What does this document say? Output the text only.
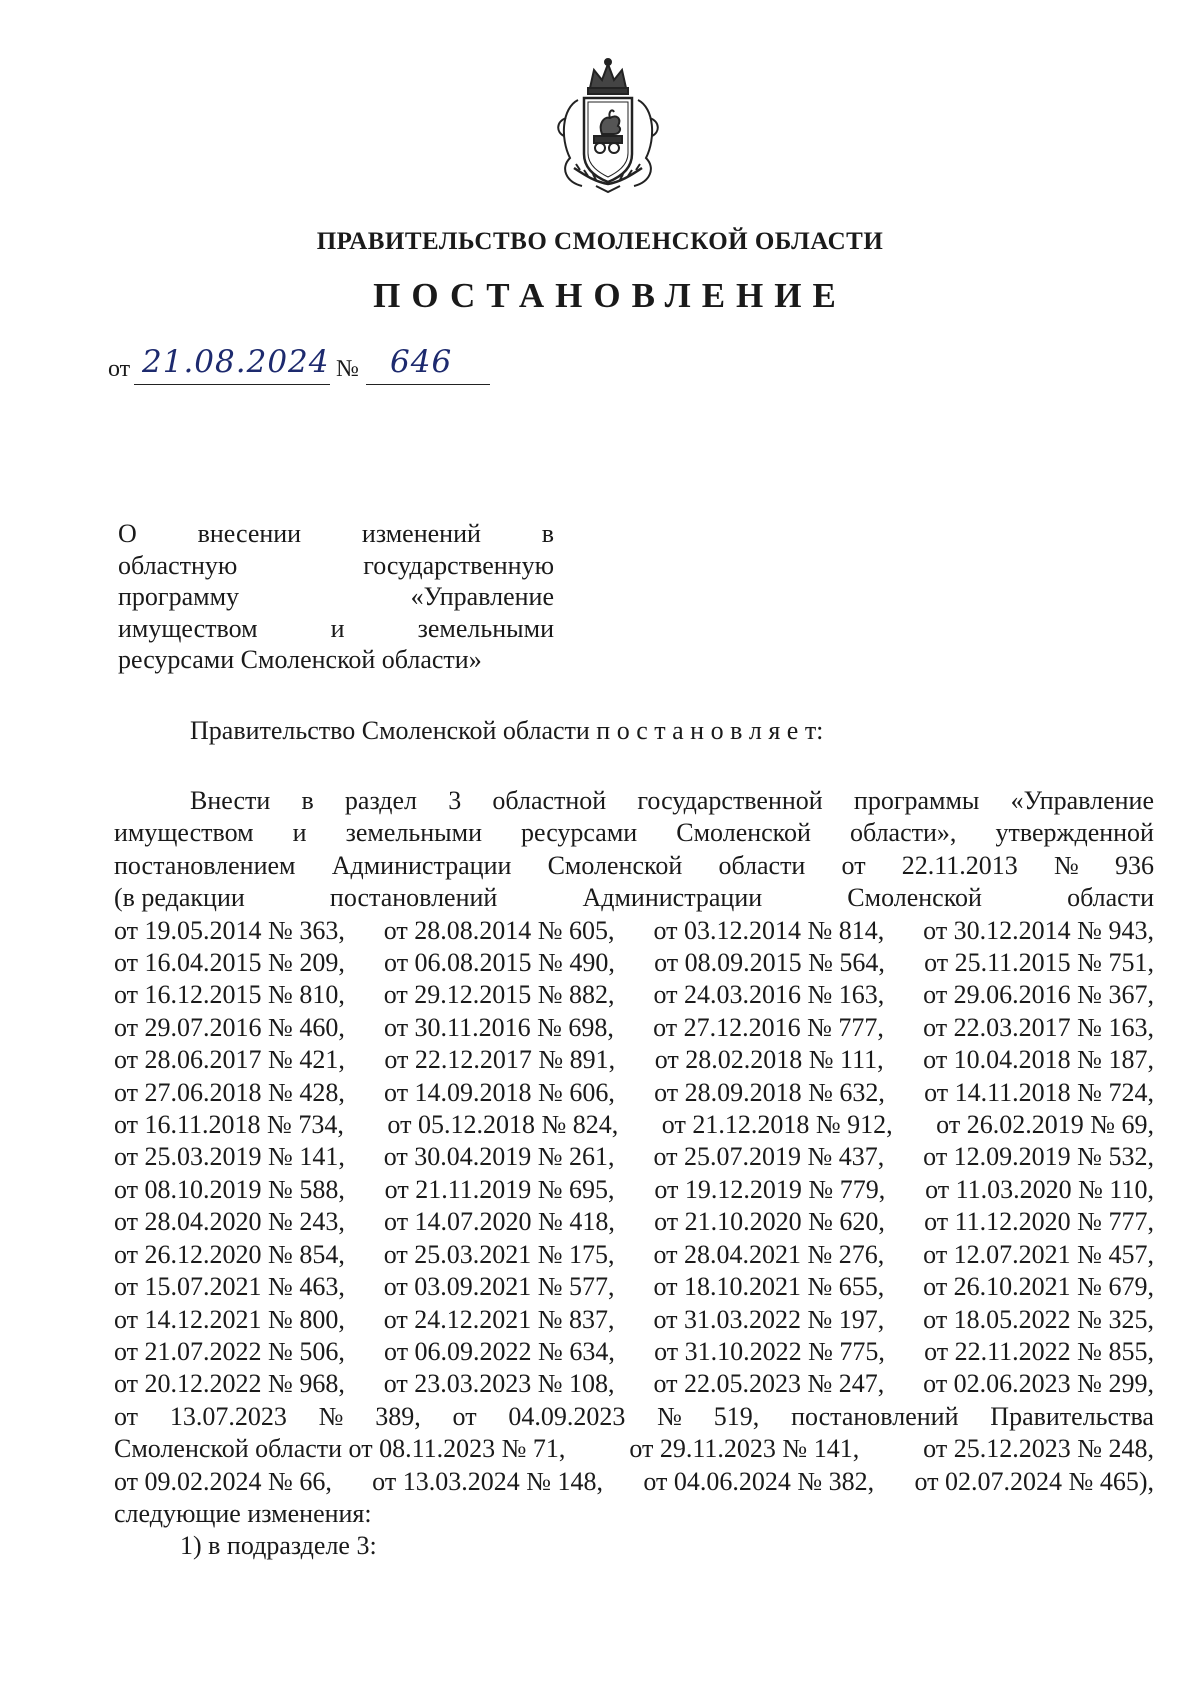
ПРАВИТЕЛЬСТВО СМОЛЕНСКОЙ ОБЛАСТИ
ПОСТАНОВЛЕНИЕ
от 21.08.2024 № 646
О внесении изменений в
областную	государственную
программу	«Управление
имуществом	и	земельными
ресурсами Смоленской области»
Правительство Смоленской области п о с т а н о в л я е т:
Внести в раздел 3 областной государственной программы «Управление
имуществом и земельными ресурсами Смоленской области», утвержденной
постановлением Администрации Смоленской области от 22.11.2013 № 936
(в редакции	постановлений	Администрации	Смоленской	области
от 19.05.2014 № 363, от 28.08.2014 № 605, от 03.12.2014 № 814, от 30.12.2014 № 943,
от 16.04.2015 № 209, от 06.08.2015 № 490, от 08.09.2015 № 564, от 25.11.2015 № 751,
от 16.12.2015 № 810, от 29.12.2015 № 882, от 24.03.2016 № 163, от 29.06.2016 № 367,
от 29.07.2016 № 460, от 30.11.2016 № 698, от 27.12.2016 № 777, от 22.03.2017 № 163,
от 28.06.2017 № 421, от 22.12.2017 № 891, от 28.02.2018 № 111, от 10.04.2018 № 187,
от 27.06.2018 № 428, от 14.09.2018 № 606, от 28.09.2018 № 632, от 14.11.2018 № 724,
от 16.11.2018 № 734, от 05.12.2018 № 824, от 21.12.2018 № 912, от 26.02.2019 № 69,
от 25.03.2019 № 141, от 30.04.2019 № 261, от 25.07.2019 № 437, от 12.09.2019 № 532,
от 08.10.2019 № 588, от 21.11.2019 № 695, от 19.12.2019 № 779, от 11.03.2020 № 110,
от 28.04.2020 № 243, от 14.07.2020 № 418, от 21.10.2020 № 620, от 11.12.2020 № 777,
от 26.12.2020 № 854, от 25.03.2021 № 175, от 28.04.2021 № 276, от 12.07.2021 № 457,
от 15.07.2021 № 463, от 03.09.2021 № 577, от 18.10.2021 № 655, от 26.10.2021 № 679,
от 14.12.2021 № 800, от 24.12.2021 № 837, от 31.03.2022 № 197, от 18.05.2022 № 325,
от 21.07.2022 № 506, от 06.09.2022 № 634, от 31.10.2022 № 775, от 22.11.2022 № 855,
от 20.12.2022 № 968, от 23.03.2023 № 108, от 22.05.2023 № 247, от 02.06.2023 № 299,
от 13.07.2023 № 389, от 04.09.2023 № 519, постановлений Правительства
Смоленской области от 08.11.2023 № 71, от 29.11.2023 № 141, от 25.12.2023 № 248,
от 09.02.2024 № 66, от 13.03.2024 № 148, от 04.06.2024 № 382, от 02.07.2024 № 465),
следующие изменения:
1) в подразделе 3:
